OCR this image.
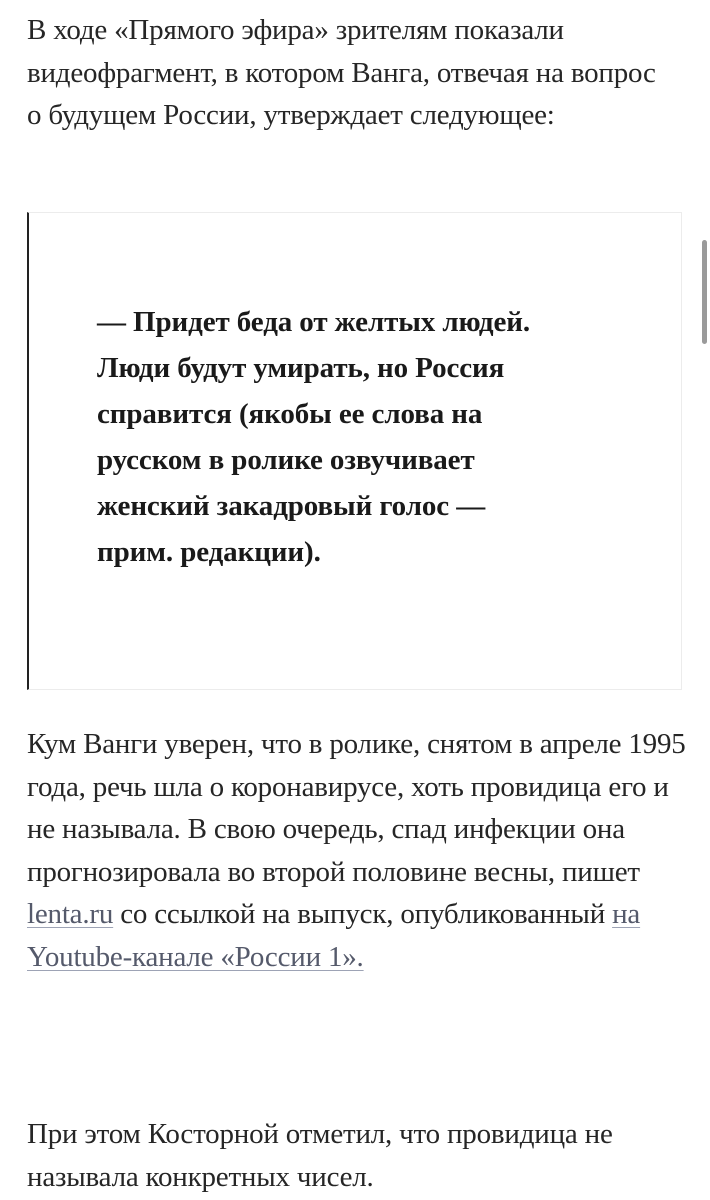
В ходе «Прямого эфира» зрителям показали видеофрагмент, в котором Ванга, отвечая на вопрос о будущем России, утверждает следующее:

— Придет беда от желтых людей. Люди будут умирать, но Россия справится (якобы ее слова на русском в ролике озвучивает женский закадровый голос — прим. редакции).

Кум Ванги уверен, что в ролике, снятом в апреле 1995 года, речь шла о коронавирусе, хоть провидица его и не называла. В свою очередь, спад инфекции она прогнозировала во второй половине весны, пишет lenta.ru со ссылкой на выпуск, опубликованный на Youtube-канале «России 1».

При этом Косторной отметил, что провидица не называла конкретных чисел.
